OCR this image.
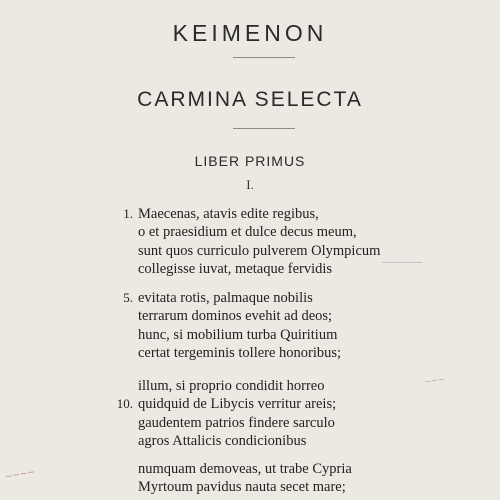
KEIMENON
CARMINA SELECTA
LIBER PRIMUS
I.
1. Maecenas, atavis edite regibus,
o et praesidium et dulce decus meum,
sunt quos curriculo pulverem Olympicum
collegisse iuvat, metaque fervidis
5. evitata rotis, palmaque nobilis
terrarum dominos evehit ad deos;
hunc, si mobilium turba Quiritium
certat tergeminis tollere honoribus;
illum, si proprio condidit horreo
10. quidquid de Libycis verritur areis;
gaudentem patrios findere sarculo
agros Attalicis condicionibus
numquam demoveas, ut trabe Cypria
Myrtoum pavidus nauta secet mare;
~~~
~~~~
